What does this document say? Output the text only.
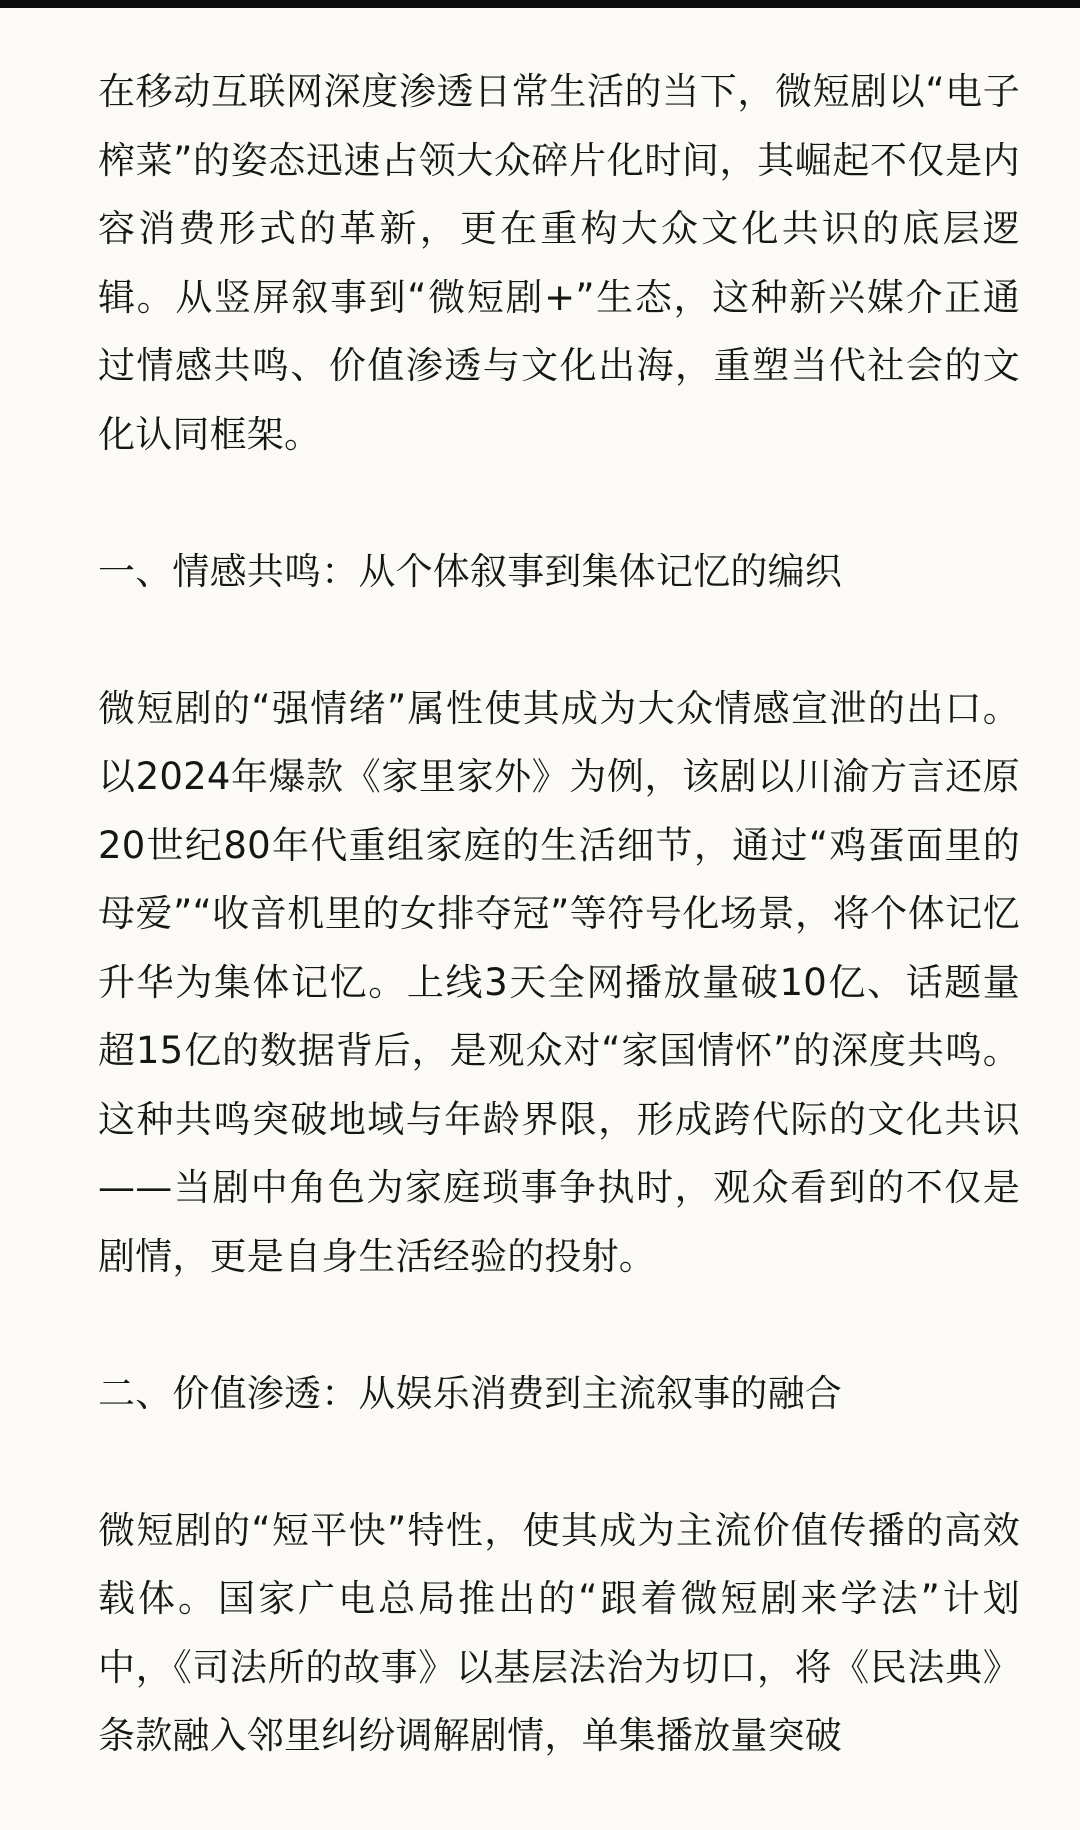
在移动互联网深度渗透日常生活的当下，微短剧以“电子榨菜”的姿态迅速占领大众碎片化时间，其崛起不仅是内容消费形式的革新，更在重构大众文化共识的底层逻辑。从竖屏叙事到“微短剧+”生态，这种新兴媒介正通过情感共鸣、价值渗透与文化出海，重塑当代社会的文化认同框架。

一、情感共鸣：从个体叙事到集体记忆的编织

微短剧的“强情绪”属性使其成为大众情感宣泄的出口。以2024年爆款《家里家外》为例，该剧以川渝方言还原20世纪80年代重组家庭的生活细节，通过“鸡蛋面里的母爱”“收音机里的女排夺冠”等符号化场景，将个体记忆升华为集体记忆。上线3天全网播放量破10亿、话题量超15亿的数据背后，是观众对“家国情怀”的深度共鸣。这种共鸣突破地域与年龄界限，形成跨代际的文化共识——当剧中角色为家庭琐事争执时，观众看到的不仅是剧情，更是自身生活经验的投射。

二、价值渗透：从娱乐消费到主流叙事的融合

微短剧的“短平快”特性，使其成为主流价值传播的高效载体。国家广电总局推出的“跟着微短剧来学法”计划中，《司法所的故事》以基层法治为切口，将《民法典》条款融入邻里纠纷调解剧情，单集播放量突破
